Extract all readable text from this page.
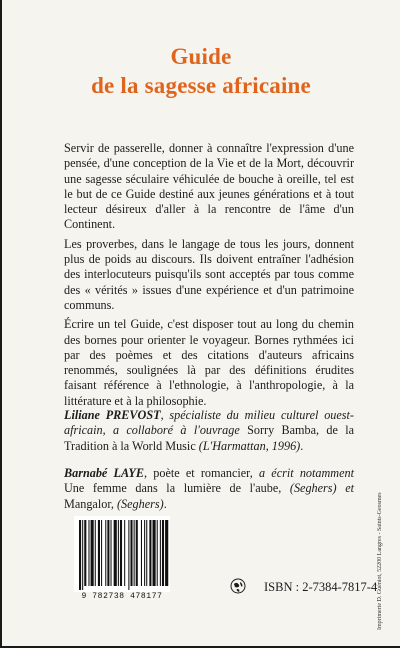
Guide
de la sagesse africaine

Servir de passerelle, donner à connaître l'expression d'une pensée, d'une conception de la Vie et de la Mort, découvrir une sagesse séculaire véhiculée de bouche à oreille, tel est le but de ce Guide destiné aux jeunes générations et à tout lecteur désireux d'aller à la rencontre de l'âme d'un Continent.

Les proverbes, dans le langage de tous les jours, donnent plus de poids au discours. Ils doivent entraîner l'adhésion des interlocuteurs puisqu'ils sont acceptés par tous comme des « vérités » issues d'une expérience et d'un patrimoine communs.

Écrire un tel Guide, c'est disposer tout au long du chemin des bornes pour orienter le voyageur. Bornes rythmées ici par des poèmes et des citations d'auteurs africains renommés, soulignées là par des définitions érudites faisant référence à l'ethnologie, à l'anthropologie, à la littérature et à la philosophie.

Liliane PREVOST, spécialiste du milieu culturel ouest-africain, a collaboré à l'ouvrage Sorry Bamba, de la Tradition à la World Music (L'Harmattan, 1996).

Barnabé LAYE, poète et romancier, a écrit notamment Une femme dans la lumière de l'aube, (Seghers) et Mangalor, (Seghers).

9 782738 478177
ISBN : 2-7384-7817-4 Imprimerie D. Guéniot, 52200 Langres - Saints-Geosmes
